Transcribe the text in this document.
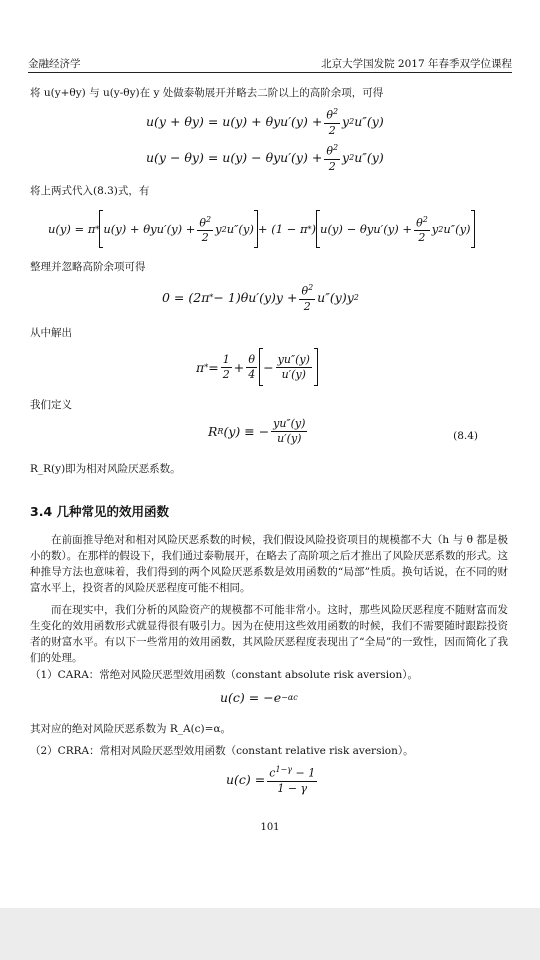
金融经济学	北京大学国发院 2017 年春季双学位课程
将 u(y+θy) 与 u(y-θy)在 y 处做泰勒展开并略去二阶以上的高阶余项，可得
$u(y + \theta y) = u(y) + \theta yu'(y) + \frac{\theta^2}{2}$ y 2 u″(y)
$u(y - \theta y) = u(y) - \theta yu'(y) + \frac{\theta^2}{2}$ y 2 u″(y)
将上两式代入(8.3)式，有
$u(y) = \pi * u(y) + \theta yu'(y) + \frac{\theta^2}{2}$ y 2 u″(y) + (1 − π * ) $u(y) - \theta yu'(y) + \frac{\theta^2}{2}$ y 2 u″(y)
整理并忽略高阶余项可得
0 = (2π * − $1)\theta u'(y)y + \frac{\theta^2}{2} u''(y)y$ 2
从中解出
π * = $\frac{1}{2} + \frac{\theta}{4} - \frac{yu''(y)}{u'(y)}$
我们定义
R R (y) ≡ − $\frac{yu''(y)}{u'(y)}$	(8.4)
R_R(y)即为相对风险厌恶系数。
3.4 几种常见的效用函数
在前面推导绝对和相对风险厌恶系数的时候，我们假设风险投资项目的规模都不大（h 与 θ 都是极小的数）。在那样的假设下，我们通过泰勒展开，在略去了高阶项之后才推出了风险厌恶系数的形式。这种推导方法也意味着，我们得到的两个风险厌恶系数是效用函数的“局部”性质。换句话说，在不同的财富水平上，投资者的风险厌恶程度可能不相同。
而在现实中，我们分析的风险资产的规模都不可能非常小。这时，那些风险厌恶程度不随财富而发生变化的效用函数形式就显得很有吸引力。因为在使用这些效用函数的时候，我们不需要随时跟踪投资者的财富水平。有以下一些常用的效用函数，其风险厌恶程度表现出了“全局”的一致性，因而简化了我们的处理。
（1）CARA：常绝对风险厌恶型效用函数（constant absolute risk aversion）。
u(c) = −e −αc
其对应的绝对风险厌恶系数为 R_A(c)=α。
（2）CRRA：常相对风险厌恶型效用函数（constant relative risk aversion）。
$u(c) = \frac{c^{1-\gamma} - 1}{1 - \gamma}$
101
